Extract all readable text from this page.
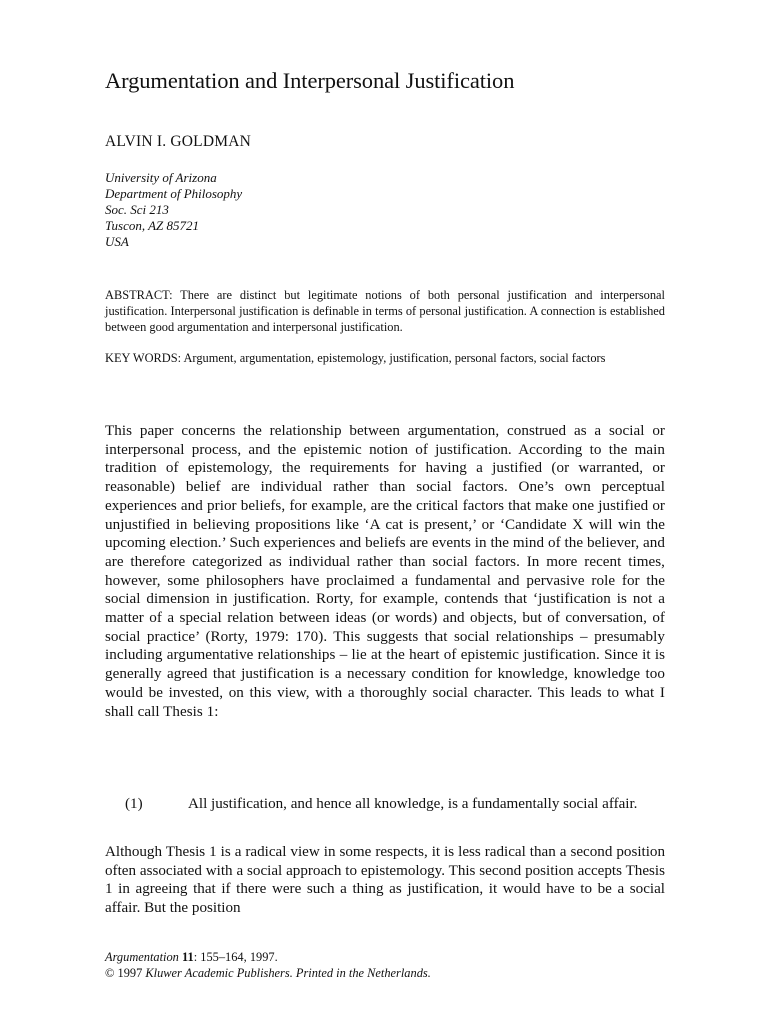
Argumentation and Interpersonal Justification
ALVIN I. GOLDMAN
University of Arizona
Department of Philosophy
Soc. Sci 213
Tuscon, AZ 85721
USA

ABSTRACT: There are distinct but legitimate notions of both personal justification and interpersonal justification. Interpersonal justification is definable in terms of personal justification. A connection is established between good argumentation and interpersonal justification.

KEY WORDS: Argument, argumentation, epistemology, justification, personal factors, social factors

This paper concerns the relationship between argumentation, construed as a social or interpersonal process, and the epistemic notion of justification. According to the main tradition of epistemology, the requirements for having a justified (or warranted, or reasonable) belief are individual rather than social factors. One’s own perceptual experiences and prior beliefs, for example, are the critical factors that make one justified or unjustified in believing propositions like ‘A cat is present,’ or ‘Candidate X will win the upcoming election.’ Such experiences and beliefs are events in the mind of the believer, and are therefore categorized as individual rather than social factors. In more recent times, however, some philosophers have proclaimed a fundamental and pervasive role for the social dimension in justification. Rorty, for example, contends that ‘justification is not a matter of a special relation between ideas (or words) and objects, but of conversation, of social practice’ (Rorty, 1979: 170). This suggests that social relationships – presumably including argumentative relationships – lie at the heart of epistemic justification. Since it is generally agreed that justification is a necessary condition for knowledge, knowledge too would be invested, on this view, with a thoroughly social character. This leads to what I shall call Thesis 1:

(1)	All justification, and hence all knowledge, is a fundamentally social affair.

Although Thesis 1 is a radical view in some respects, it is less radical than a second position often associated with a social approach to epistemology. This second position accepts Thesis 1 in agreeing that if there were such a thing as justification, it would have to be a social affair. But the position

Argumentation 11: 155–164, 1997.
© 1997 Kluwer Academic Publishers. Printed in the Netherlands.
